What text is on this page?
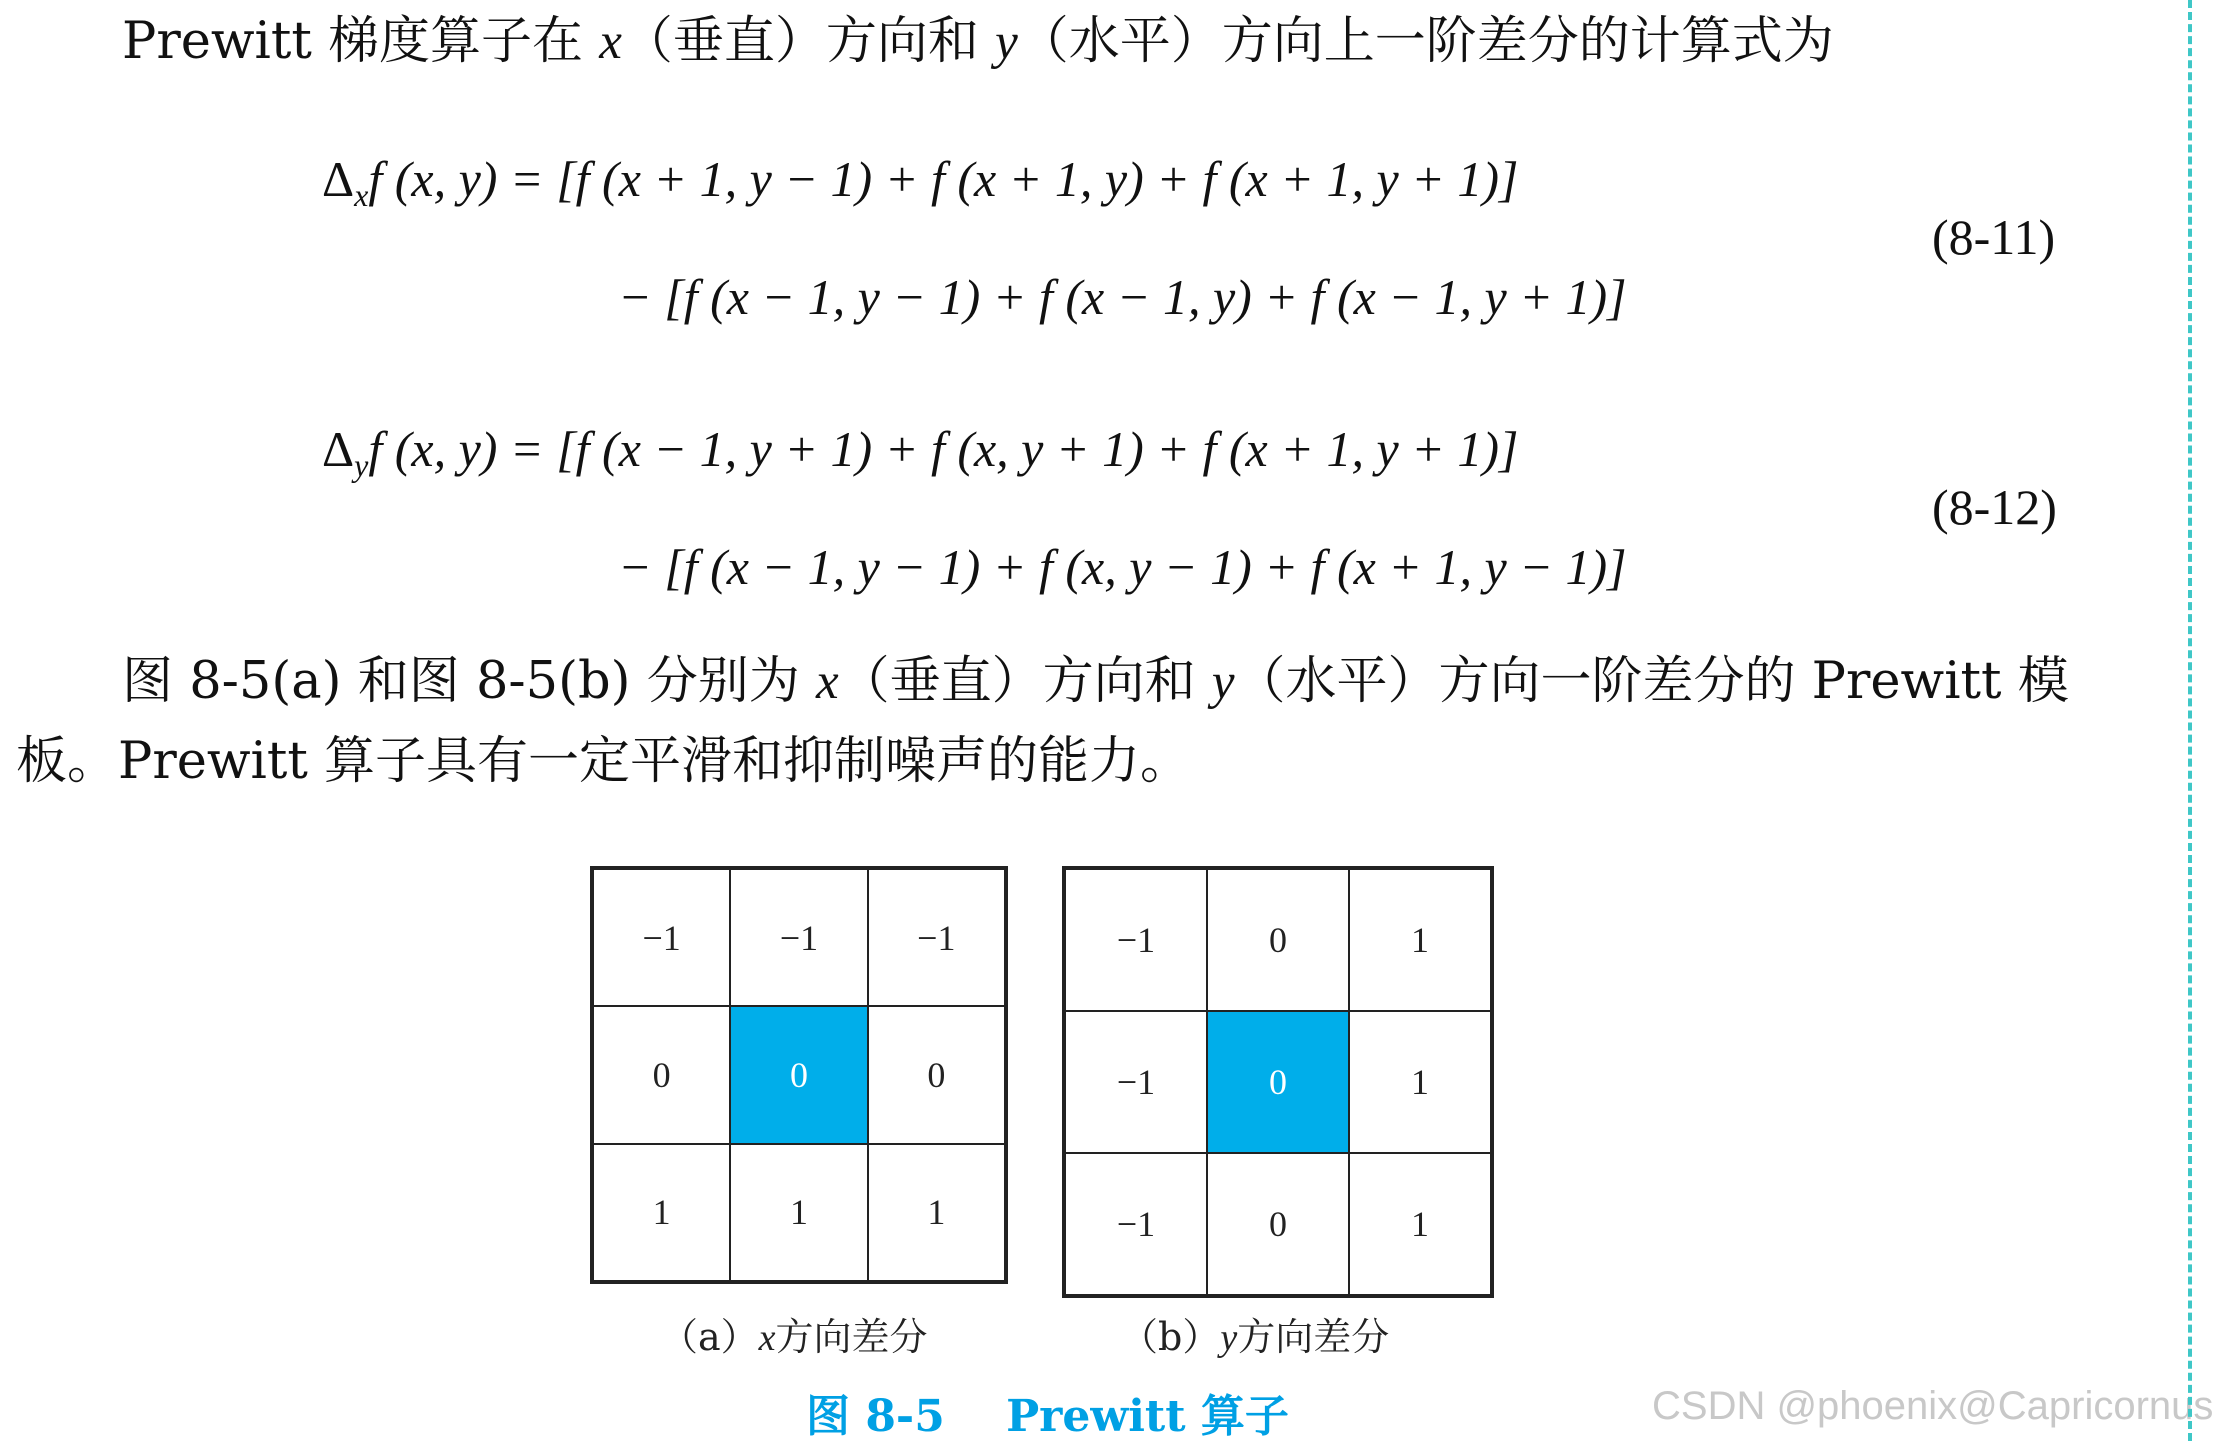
Prewitt 梯度算子在 x（垂直）方向和 y（水平）方向上一阶差分的计算式为
$\Delta_xf$ (x, y) = [f (x + 1, y − 1) + f (x + 1, y) + f (x + 1, y + 1)]
− [f (x − 1, y − 1) + f (x − 1, y) + f (x − 1, y + 1)]
(8-11)
$\Delta_yf$ (x, y) = [f (x − 1, y + 1) + f (x, y + 1) + f (x + 1, y + 1)]
− [f (x − 1, y − 1) + f (x, y − 1) + f (x + 1, y − 1)]
(8-12)
图 8-5(a) 和图 8-5(b) 分别为 x（垂直）方向和 y（水平）方向一阶差分的 Prewitt 模
板。Prewitt 算子具有一定平滑和抑制噪声的能力。
−1	−1	−1
0	0	0
1	1	1
−1	0	1
−1	0	1
−1	0	1
（a）x方向差分	（b）y方向差分
图 8-5    Prewitt 算子	CSDN @phoenix@Capricornus
